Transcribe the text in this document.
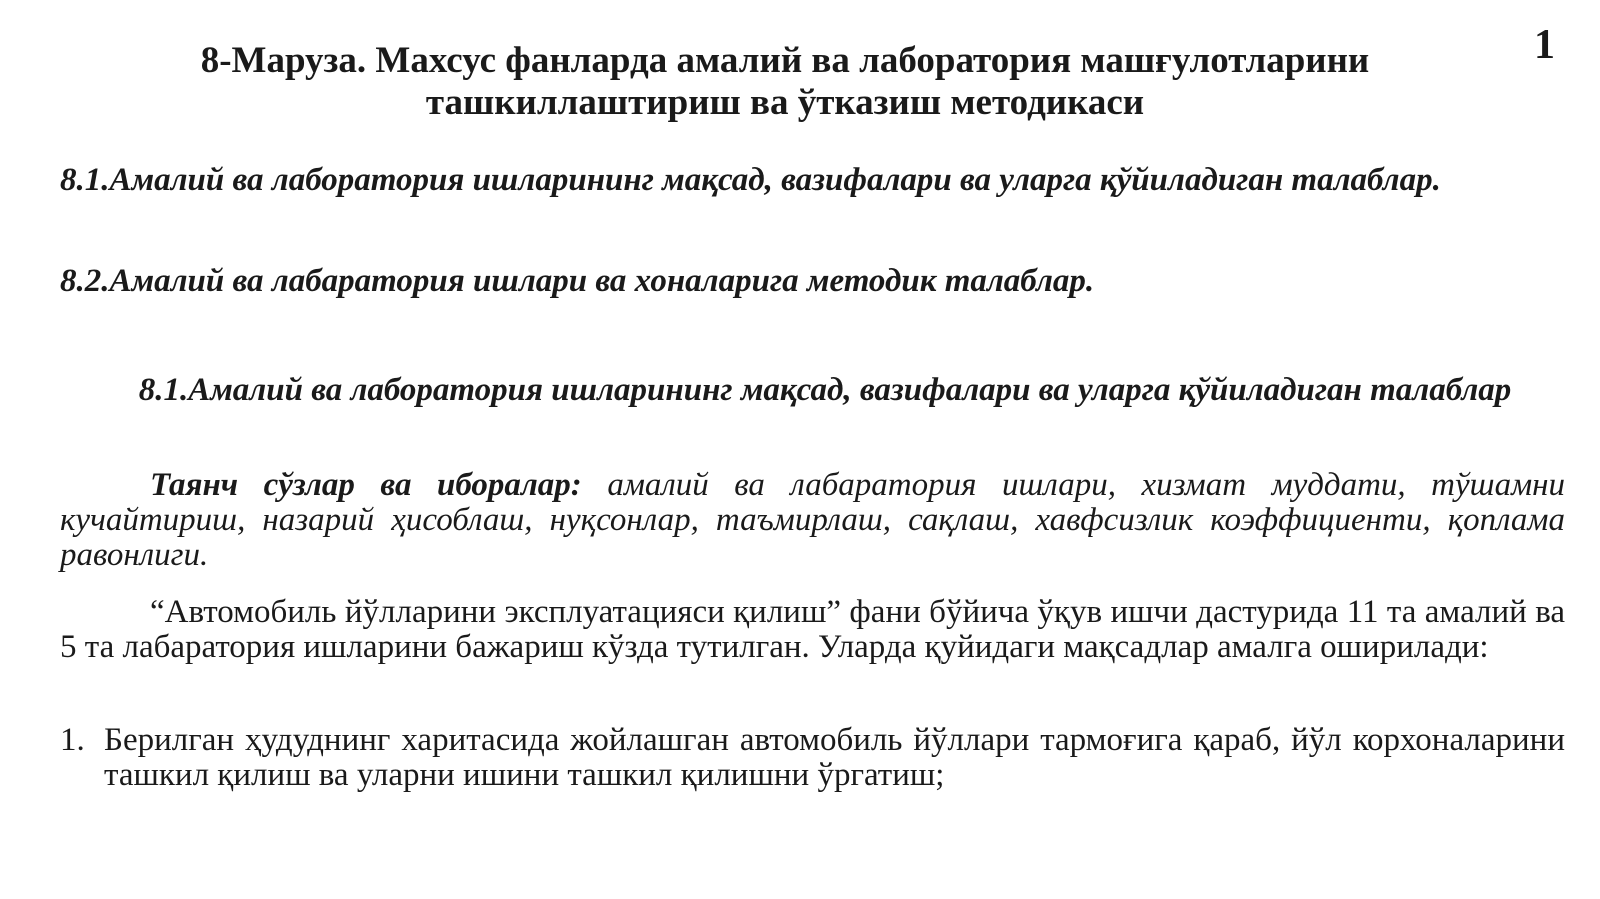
1
8-Маруза. Махсус фанларда амалий ва лаборатория машғулотларини ташкиллаштириш ва ўтказиш методикаси

8.1.Амалий ва лаборатория ишларининг мақсад, вазифалари ва уларга қўйиладиган талаблар.

8.2.Амалий ва лабаратория ишлари ва хоналарига методик талаблар.

8.1.Амалий ва лаборатория ишларининг мақсад, вазифалари ва уларга қўйиладиган талаблар

Таянч сўзлар ва иборалар: амалий ва лабаратория ишлари, хизмат муддати, тўшамни кучайтириш, назарий ҳисоблаш, нуқсонлар, таъмирлаш, сақлаш, хавфсизлик коэффициенти, қоплама равонлиги.

“Автомобиль йўлларини эксплуатацияси қилиш” фани бўйича ўқув ишчи дастурида 11 та амалий ва 5 та лабаратория ишларини бажариш кўзда тутилган. Уларда қуйидаги мақсадлар амалга оширилади:

1. Берилган ҳудуднинг харитасида жойлашган автомобиль йўллари тармоғига қараб, йўл корхоналарини ташкил қилиш ва уларни ишини ташкил қилишни ўргатиш;
